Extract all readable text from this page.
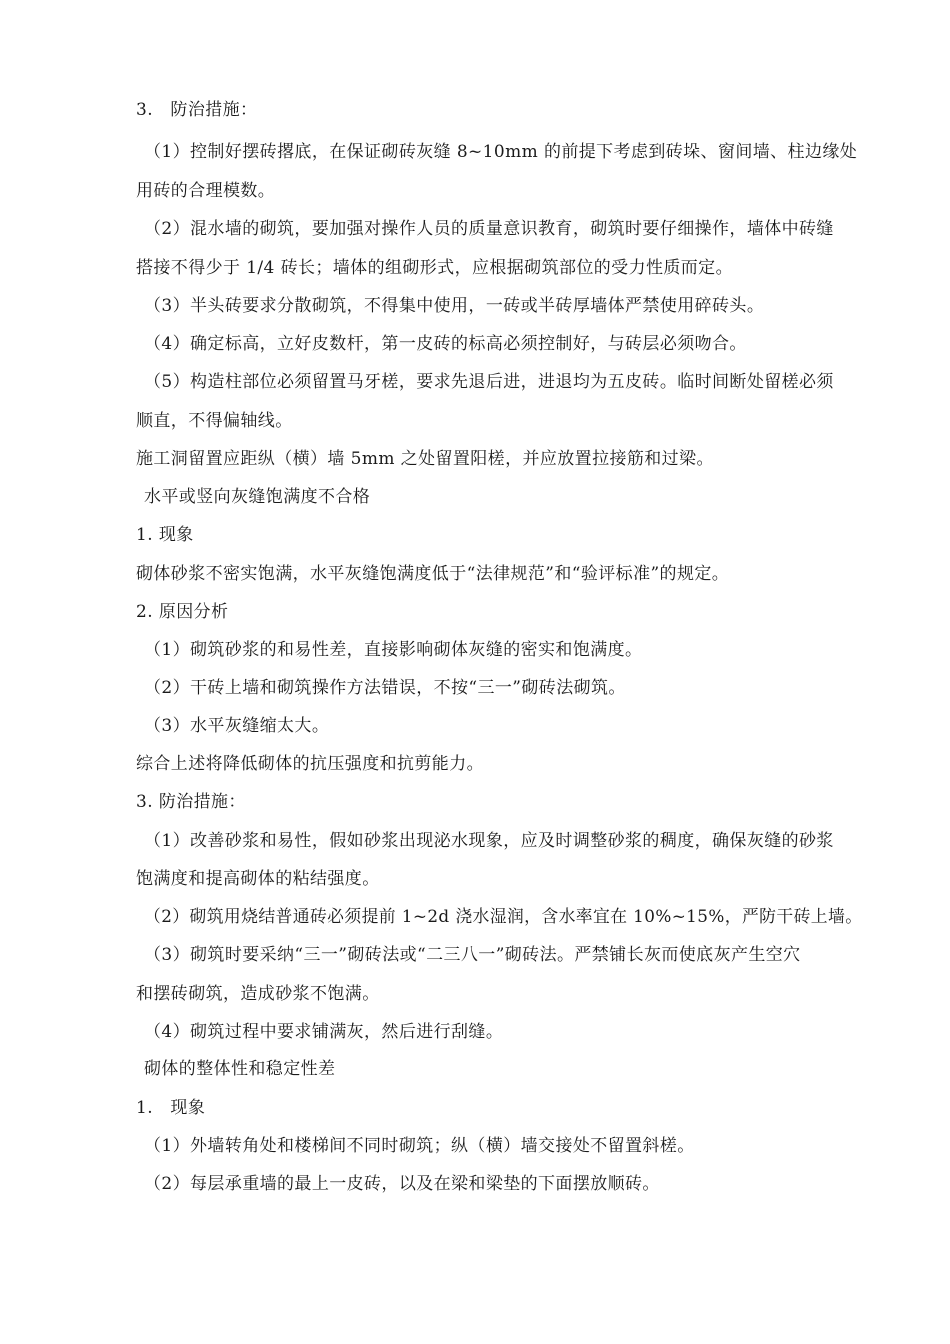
3.　防治措施：
（1）控制好摆砖撂底，在保证砌砖灰缝 8~10mm 的前提下考虑到砖垛、窗间墙、柱边缘处
用砖的合理模数。
（2）混水墙的砌筑，要加强对操作人员的质量意识教育，砌筑时要仔细操作，墙体中砖缝
搭接不得少于 1/4 砖长；墙体的组砌形式，应根据砌筑部位的受力性质而定。
（3）半头砖要求分散砌筑，不得集中使用，一砖或半砖厚墙体严禁使用碎砖头。
（4）确定标高，立好皮数杆，第一皮砖的标高必须控制好，与砖层必须吻合。
（5）构造柱部位必须留置马牙槎，要求先退后进，进退均为五皮砖。临时间断处留槎必须
顺直，不得偏轴线。
施工洞留置应距纵（横）墙 5mm 之处留置阳槎，并应放置拉接筋和过梁。
水平或竖向灰缝饱满度不合格
1. 现象
砌体砂浆不密实饱满，水平灰缝饱满度低于“法律规范”和“验评标准”的规定。
2. 原因分析
（1）砌筑砂浆的和易性差，直接影响砌体灰缝的密实和饱满度。
（2）干砖上墙和砌筑操作方法错误，不按“三一”砌砖法砌筑。
（3）水平灰缝缩太大。
综合上述将降低砌体的抗压强度和抗剪能力。
3. 防治措施：
（1）改善砂浆和易性，假如砂浆出现泌水现象，应及时调整砂浆的稠度，确保灰缝的砂浆
饱满度和提高砌体的粘结强度。
（2）砌筑用烧结普通砖必须提前 1~2d 浇水湿润，含水率宜在 10%~15%，严防干砖上墙。
（3）砌筑时要采纳“三一”砌砖法或“二三八一”砌砖法。严禁铺长灰而使底灰产生空穴
和摆砖砌筑，造成砂浆不饱满。
（4）砌筑过程中要求铺满灰，然后进行刮缝。
砌体的整体性和稳定性差
1.　现象
（1）外墙转角处和楼梯间不同时砌筑；纵（横）墙交接处不留置斜槎。
（2）每层承重墙的最上一皮砖，以及在梁和梁垫的下面摆放顺砖。
